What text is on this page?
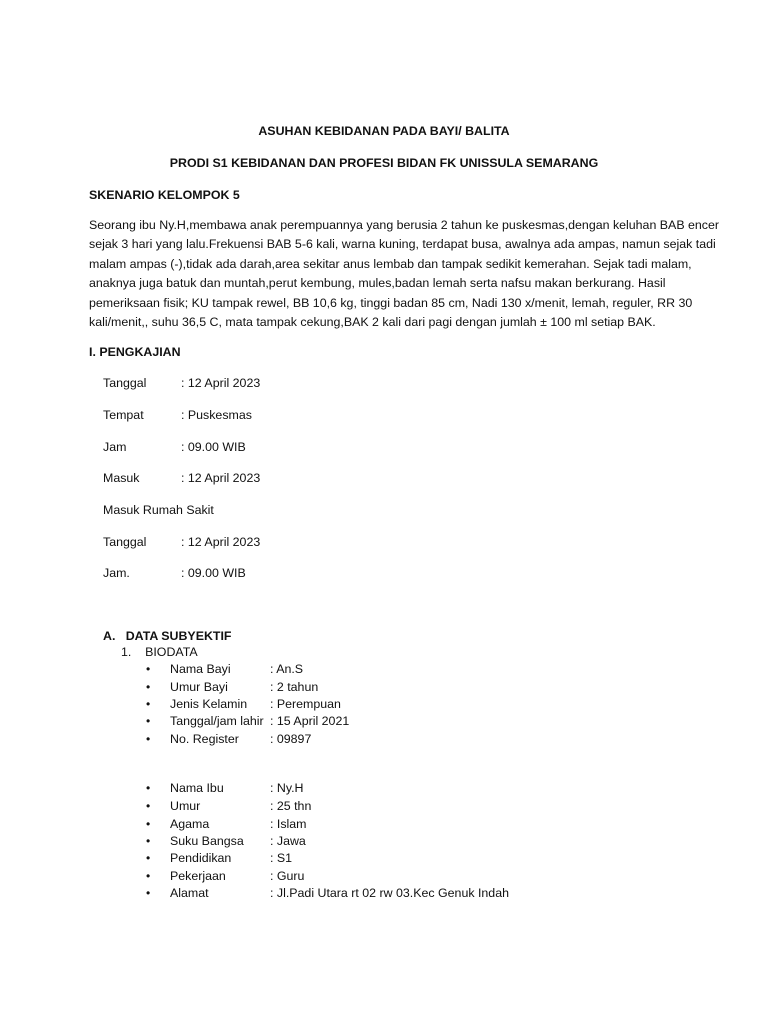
ASUHAN KEBIDANAN PADA BAYI/ BALITA
PRODI S1 KEBIDANAN DAN PROFESI BIDAN FK UNISSULA SEMARANG
SKENARIO KELOMPOK 5
Seorang ibu Ny.H,membawa anak perempuannya yang berusia 2 tahun ke puskesmas,dengan keluhan BAB encer
sejak 3 hari yang lalu.Frekuensi BAB 5-6 kali, warna kuning, terdapat busa, awalnya ada ampas, namun sejak tadi
malam ampas (-),tidak ada darah,area sekitar anus lembab dan tampak sedikit kemerahan. Sejak tadi malam,
anaknya juga batuk dan muntah,perut kembung, mules,badan lemah serta nafsu makan berkurang. Hasil
pemeriksaan fisik; KU tampak rewel, BB 10,6 kg, tinggi badan 85 cm, Nadi 130 x/menit, lemah, reguler, RR 30
kali/menit,, suhu 36,5 C, mata tampak cekung,BAK 2 kali dari pagi dengan jumlah ± 100 ml setiap BAK.
I. PENGKAJIAN
Tanggal	: 12 April 2023
Tempat	: Puskesmas
Jam	: 09.00 WIB
Masuk	: 12 April 2023
Masuk Rumah Sakit
Tanggal	: 12 April 2023
Jam.	: 09.00 WIB
A.   DATA SUBYEKTIF
1.    BIODATA
• Nama Bayi	: An.S
• Umur Bayi	: 2 tahun
• Jenis Kelamin : Perempuan
• Tanggal/jam lahir : 15 April 2021
• No. Register	: 09897
• Nama Ibu	: Ny.H
• Umur	: 25 thn
• Agama	: Islam
• Suku Bangsa : Jawa
• Pendidikan	: S1
• Pekerjaan	: Guru
• Alamat	: Jl.Padi Utara rt 02 rw 03.Kec Genuk Indah
